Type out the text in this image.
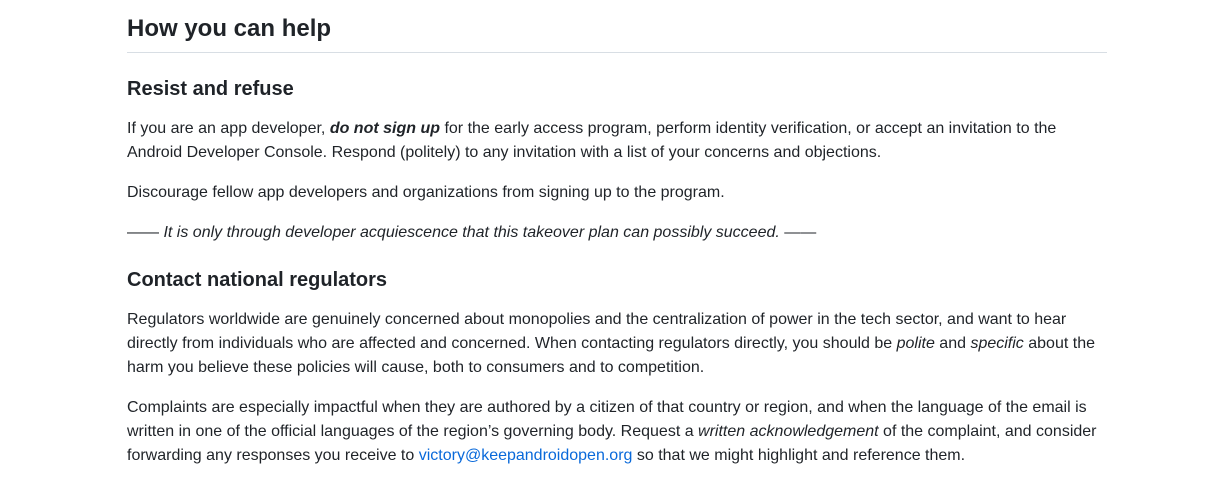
How you can help
Resist and refuse

If you are an app developer, do not sign up for the early access program, perform identity verification, or accept an invitation to the Android Developer Console. Respond (politely) to any invitation with a list of your concerns and objections.

Discourage fellow app developers and organizations from signing up to the program.

—— It is only through developer acquiescence that this takeover plan can possibly succeed. ——

Contact national regulators

Regulators worldwide are genuinely concerned about monopolies and the centralization of power in the tech sector, and want to hear directly from individuals who are affected and concerned. When contacting regulators directly, you should be polite and specific about the harm you believe these policies will cause, both to consumers and to competition.

Complaints are especially impactful when they are authored by a citizen of that country or region, and when the language of the email is written in one of the official languages of the region’s governing body. Request a written acknowledgement of the complaint, and consider forwarding any responses you receive to victory@keepandroidopen.org so that we might highlight and reference them.
